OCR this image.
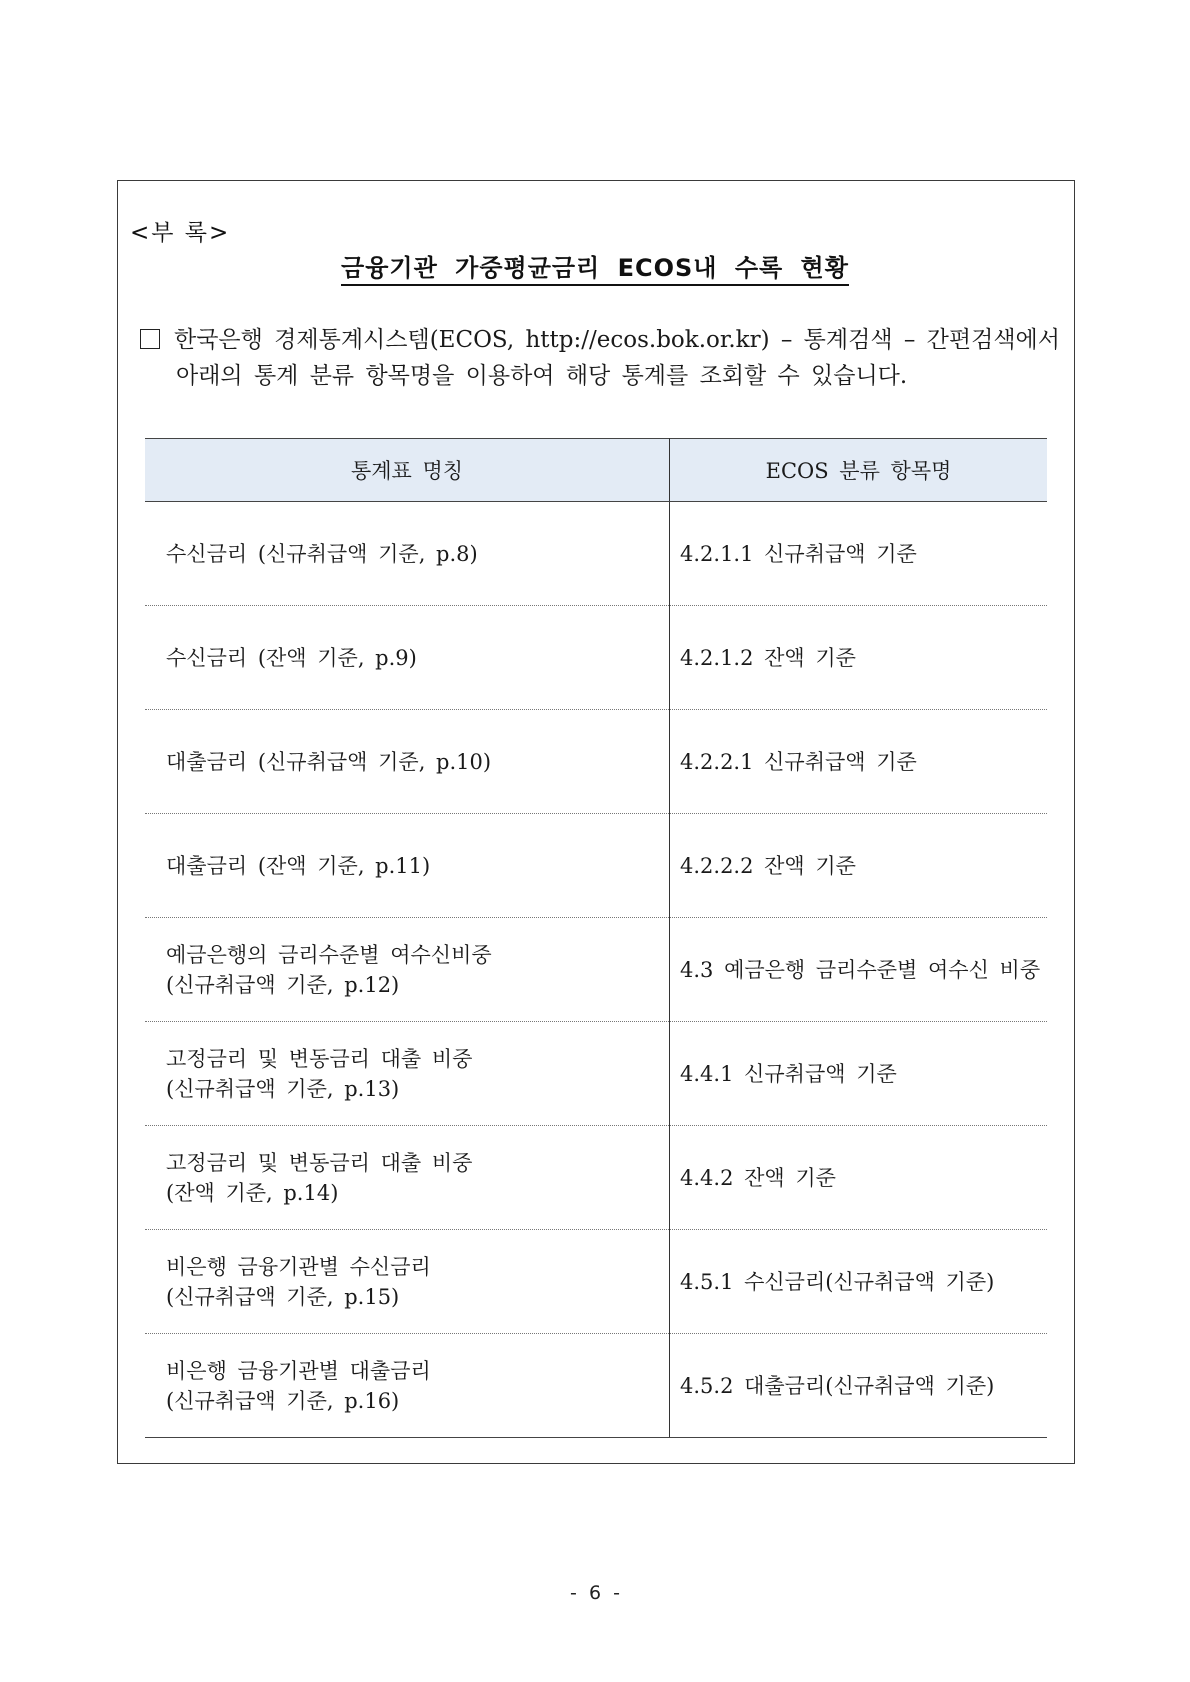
<부 록>
금융기관 가중평균금리 ECOS내 수록 현황
한국은행 경제통계시스템(ECOS, http://ecos.bok.or.kr) – 통계검색 – 간편검색에서
아래의 통계 분류 항목명을 이용하여 해당 통계를 조회할 수 있습니다.
통계표 명칭	ECOS 분류 항목명
수신금리 (신규취급액 기준, p.8)	4.2.1.1 신규취급액 기준
수신금리 (잔액 기준, p.9)	4.2.1.2 잔액 기준
대출금리 (신규취급액 기준, p.10)	4.2.2.1 신규취급액 기준
대출금리 (잔액 기준, p.11)	4.2.2.2 잔액 기준
예금은행의 금리수준별 여수신비중
(신규취급액 기준, p.12)	4.3 예금은행 금리수준별 여수신 비중
고정금리 및 변동금리 대출 비중
(신규취급액 기준, p.13)	4.4.1 신규취급액 기준
고정금리 및 변동금리 대출 비중
(잔액 기준, p.14)	4.4.2 잔액 기준
비은행 금융기관별 수신금리
(신규취급액 기준, p.15)	4.5.1 수신금리(신규취급액 기준)
비은행 금융기관별 대출금리
(신규취급액 기준, p.16)	4.5.2 대출금리(신규취급액 기준)
- 6 -
